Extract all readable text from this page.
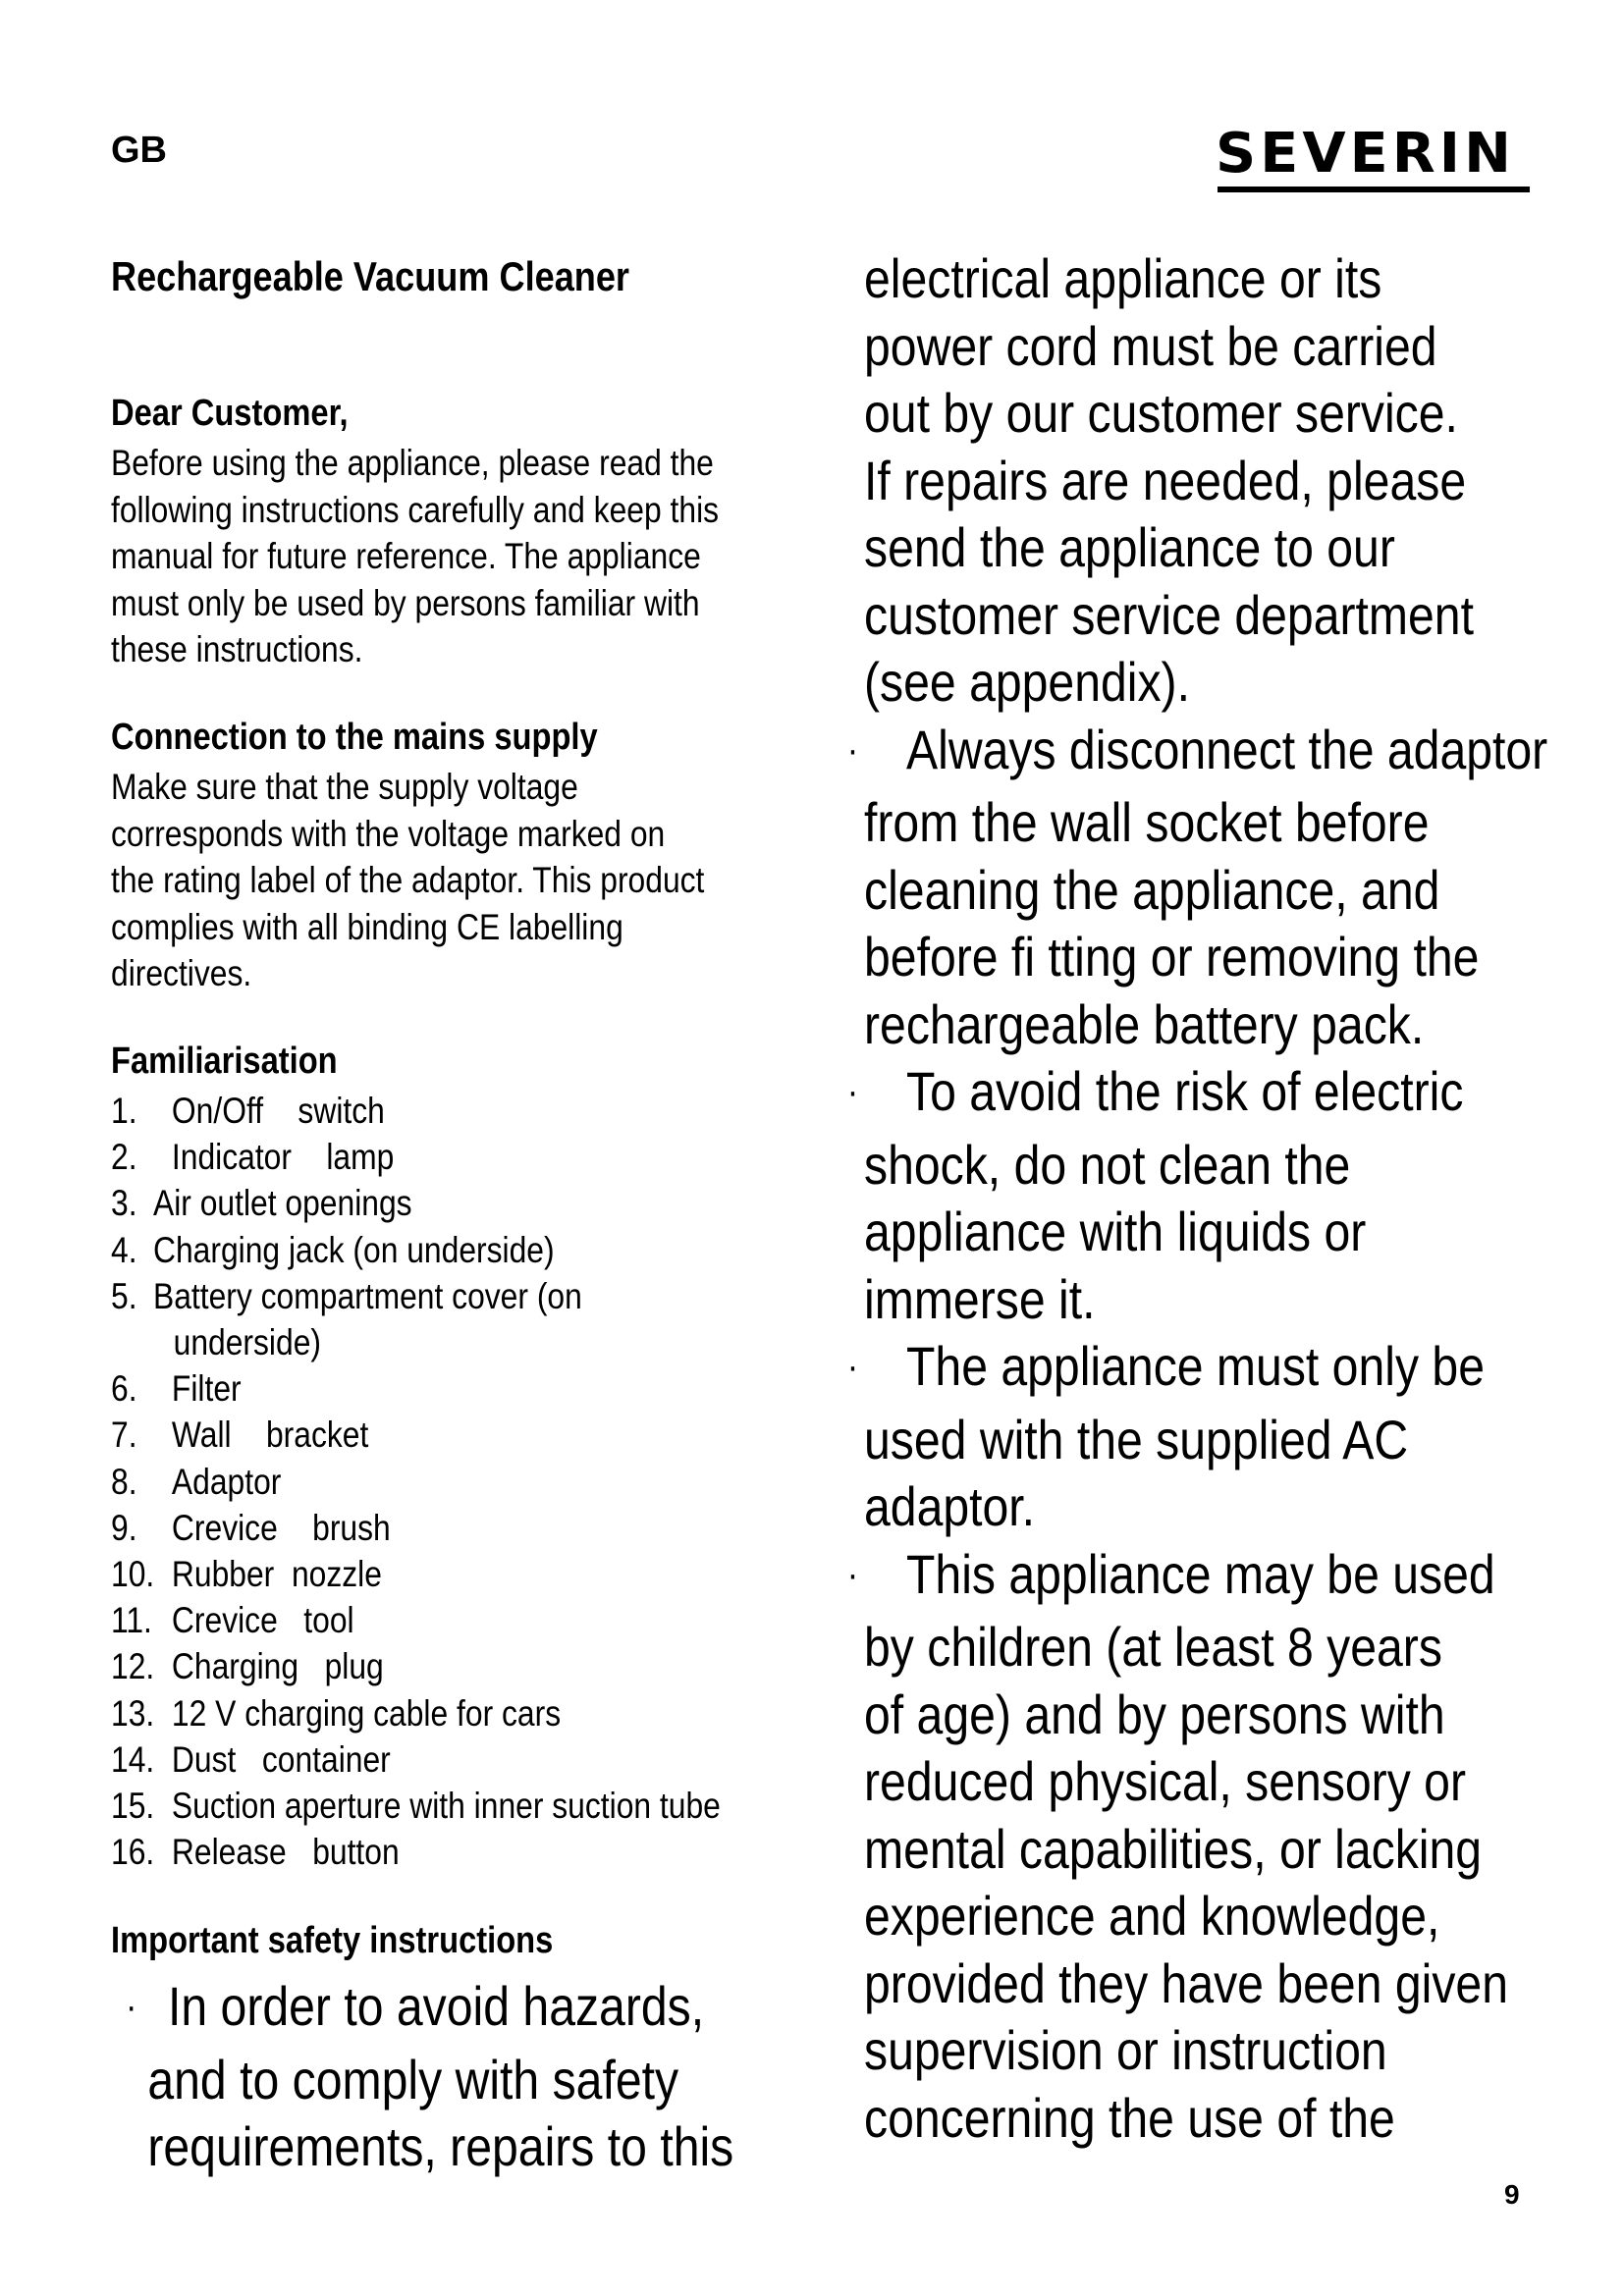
GB	SEVERIN
Rechargeable Vacuum Cleaner
Dear Customer,
Before using the appliance, please read the
following instructions carefully and keep this
manual for future reference. The appliance
must only be used by persons familiar with
these instructions.
Connection to the mains supply
Make sure that the supply voltage
corresponds with the voltage marked on
the rating label of the adaptor. This product
complies with all binding CE labelling
directives.
Familiarisation
1. On/Off    switch
2. Indicator    lamp
3. Air outlet openings
4. Charging jack (on underside)
5. Battery compartment cover (on
underside)
6. Filter
7. Wall    bracket
8. Adaptor
9. Crevice    brush
10. Rubber  nozzle
11. Crevice   tool
12. Charging   plug
13. 12 V charging cable for cars
14. Dust   container
15. Suction aperture with inner suction tube
16. Release   button
Important safety instructions
· In order to avoid hazards,
and to comply with safety
requirements, repairs to this
electrical appliance or its
power cord must be carried
out by our customer service.
If repairs are needed, please
send the appliance to our
customer service department
(see appendix).
· Always disconnect the adaptor
from the wall socket before
cleaning the appliance, and
before fi tting or removing the
rechargeable battery pack.
· To avoid the risk of electric
shock, do not clean the
appliance with liquids or
immerse it.
· The appliance must only be
used with the supplied AC
adaptor.
· This appliance may be used
by children (at least 8 years
of age) and by persons with
reduced physical, sensory or
mental capabilities, or lacking
experience and knowledge,
provided they have been given
supervision or instruction
concerning the use of the
9
